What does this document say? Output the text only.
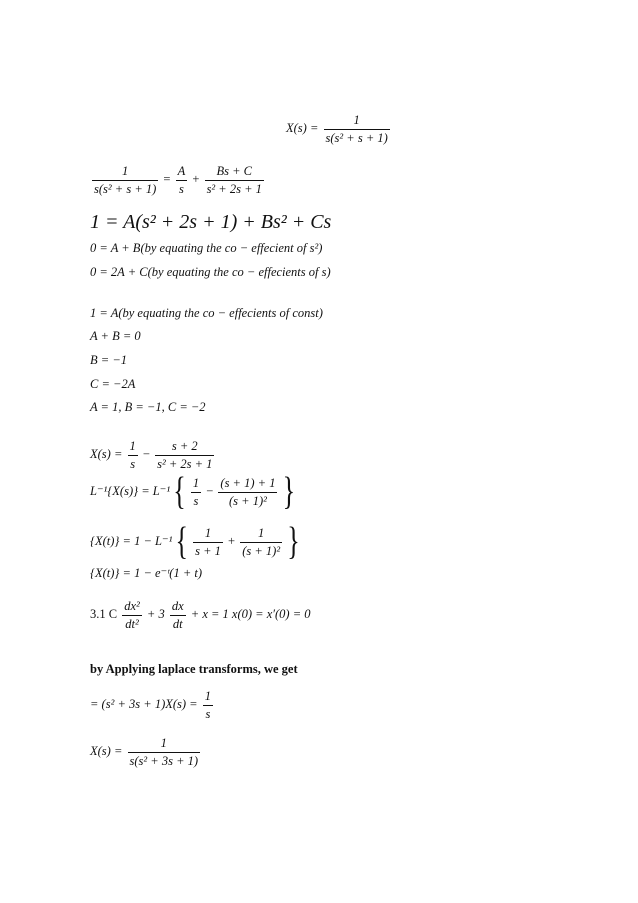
$X(s) = \frac{1}{\text{s(s² + s + 1)}}$
$\frac{1}{\text{s(s² + s + 1)}} = \frac{A}{s} + \frac{Bs + C}{\text{s² + 2s + 1}}$
1 = A(s² + 2s + 1) + Bs² + Cs
0 = A + B(by equating the co − effecient of s²)
0 = 2A + C(by equating the co − effecients of s)
1 = A(by equating the co − effecients of const)
A + B = 0
B = −1
C = −2A
A = 1, B = −1, C = −2
$X(s) = \frac{1}{s} - \frac{s + 2}{\text{s² + 2s + 1}}$
L⁻¹{X(s)} = L⁻¹ { $\frac{1}{s} - \frac{(s + 1) + 1}{\text{(s + 1)²}}$ }
{X(t)} = 1 − L⁻¹ { $\frac{1}{s + 1} + \frac{1}{\text{(s + 1)²}}$ }
{X(t)} = 1 − e⁻ᵗ(1 + t)
3.1 C $\frac{\text{dx²}}{\text{dt²}} + 3 \frac{dx}{dt} + x = 1$ x(0) = x′(0) = 0
by Applying laplace transforms, we get
= $(s^2 + 3s + 1)X(s) = \frac{1}{s}$
$X(s) = \frac{1}{\text{s(s² + 3s + 1)}}$
